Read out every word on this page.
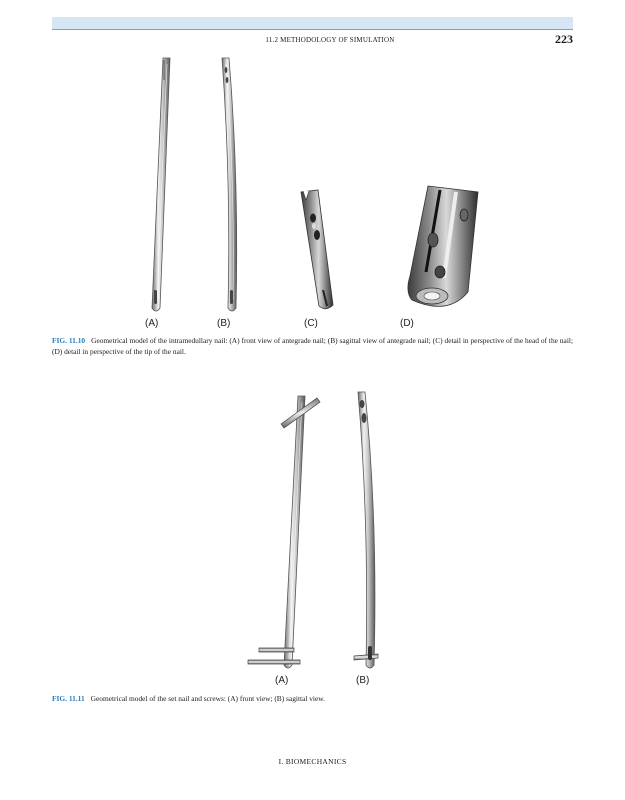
11.2 METHODOLOGY OF SIMULATION	223
(A)	(B)	(C)	(D)
FIG. 11.10 Geometrical model of the intramedullary nail: (A) front view of antegrade nail; (B) sagittal view of antegrade nail; (C) detail in perspective of the head of the nail; (D) detail in perspective of the tip of the nail.
(A)	(B)
FIG. 11.11 Geometrical model of the set nail and screws: (A) front view; (B) sagittal view.
I. BIOMECHANICS
